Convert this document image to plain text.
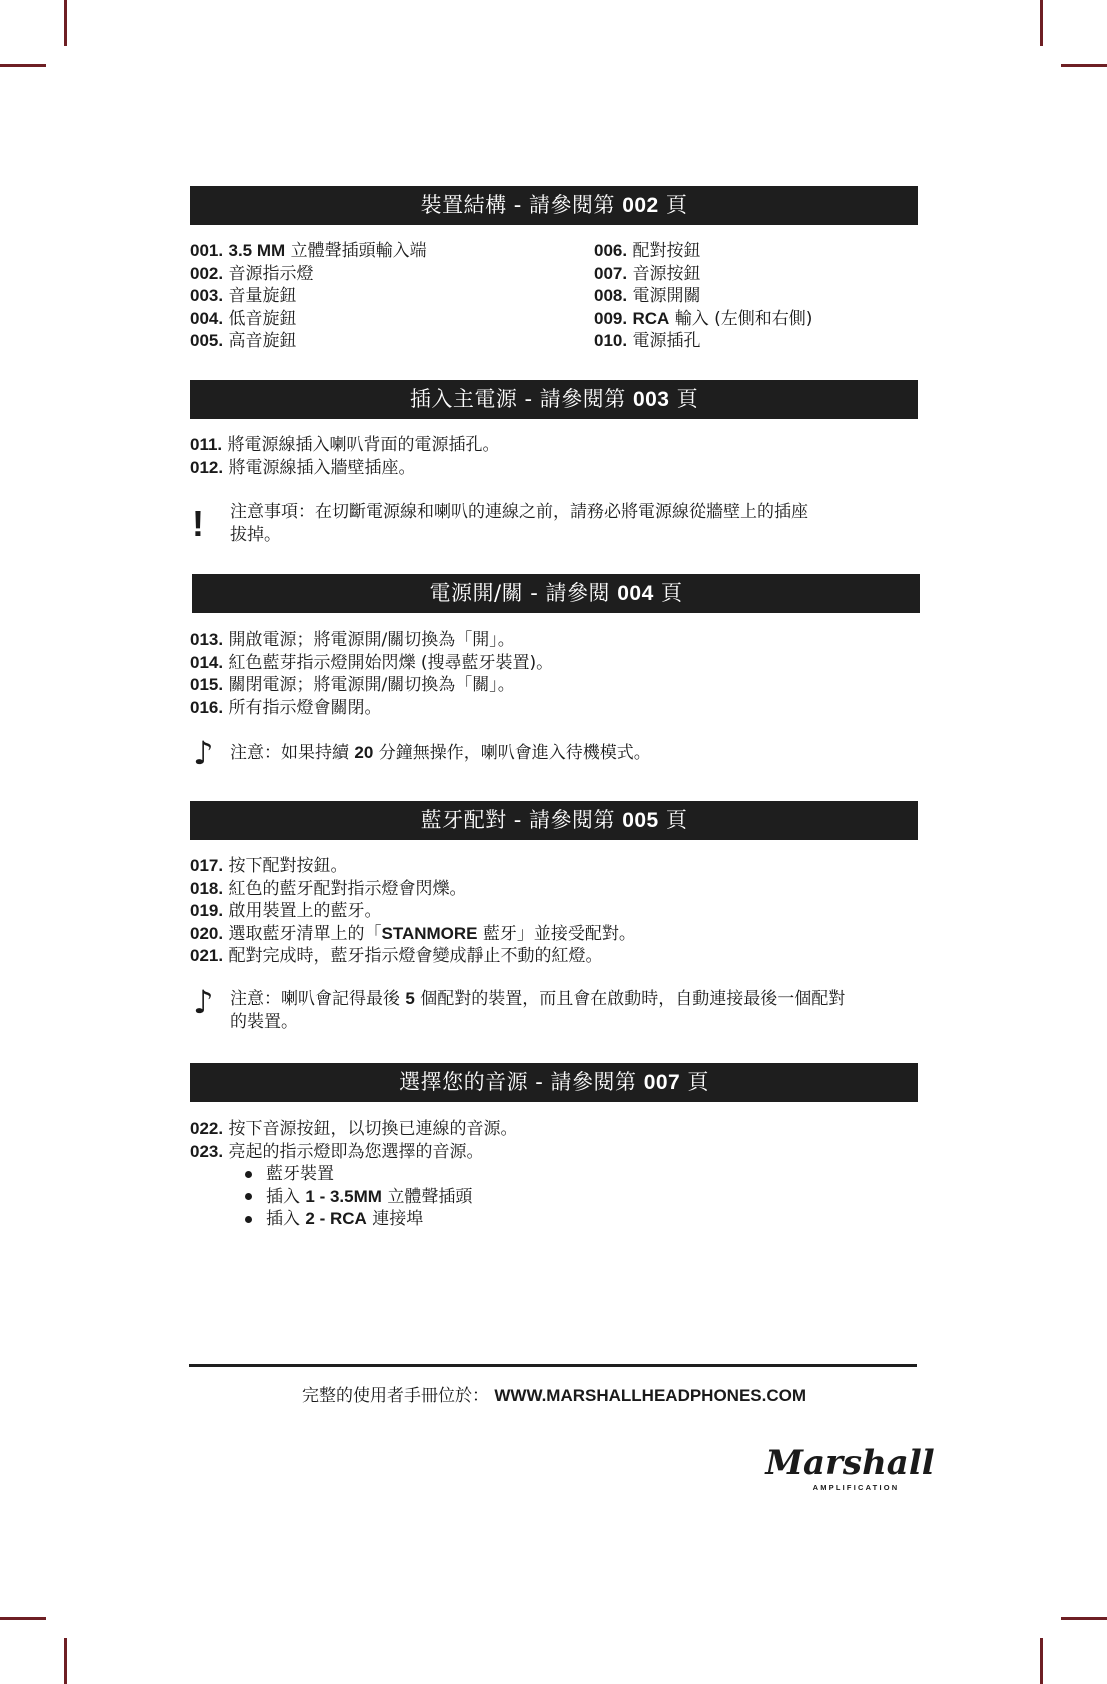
裝置結構 - 請參閱第 002 頁
001. 3.5 MM 立體聲插頭輸入端
002. 音源指示燈
003. 音量旋鈕
004. 低音旋鈕
005. 高音旋鈕
006. 配對按鈕
007. 音源按鈕
008. 電源開關
009. RCA 輸入 (左側和右側)
010. 電源插孔
插入主電源 - 請參閱第 003 頁
011. 將電源線插入喇叭背面的電源插孔。
012. 將電源線插入牆壁插座。
! 注意事項：在切斷電源線和喇叭的連線之前，請務必將電源線從牆壁上的插座
拔掉。
電源開/關 - 請參閱 004 頁
013. 開啟電源；將電源開/關切換為「開」。
014. 紅色藍芽指示燈開始閃爍 (搜尋藍牙裝置)。
015. 關閉電源；將電源開/關切換為「關」。
016. 所有指示燈會關閉。
♪ 注意：如果持續 20 分鐘無操作，喇叭會進入待機模式。
藍牙配對 - 請參閱第 005 頁
017. 按下配對按鈕。
018. 紅色的藍牙配對指示燈會閃爍。
019. 啟用裝置上的藍牙。
020. 選取藍牙清單上的「STANMORE 藍牙」並接受配對。
021. 配對完成時，藍牙指示燈會變成靜止不動的紅燈。
♪ 注意：喇叭會記得最後 5 個配對的裝置，而且會在啟動時，自動連接最後一個配對
的裝置。
選擇您的音源 - 請參閱第 007 頁
022. 按下音源按鈕，以切換已連線的音源。
023. 亮起的指示燈即為您選擇的音源。
藍牙裝置
插入 1 - 3.5MM 立體聲插頭
插入 2 - RCA 連接埠
完整的使用者手冊位於： WWW.MARSHALLHEADPHONES.COM
Marshall
AMPLIFICATION
